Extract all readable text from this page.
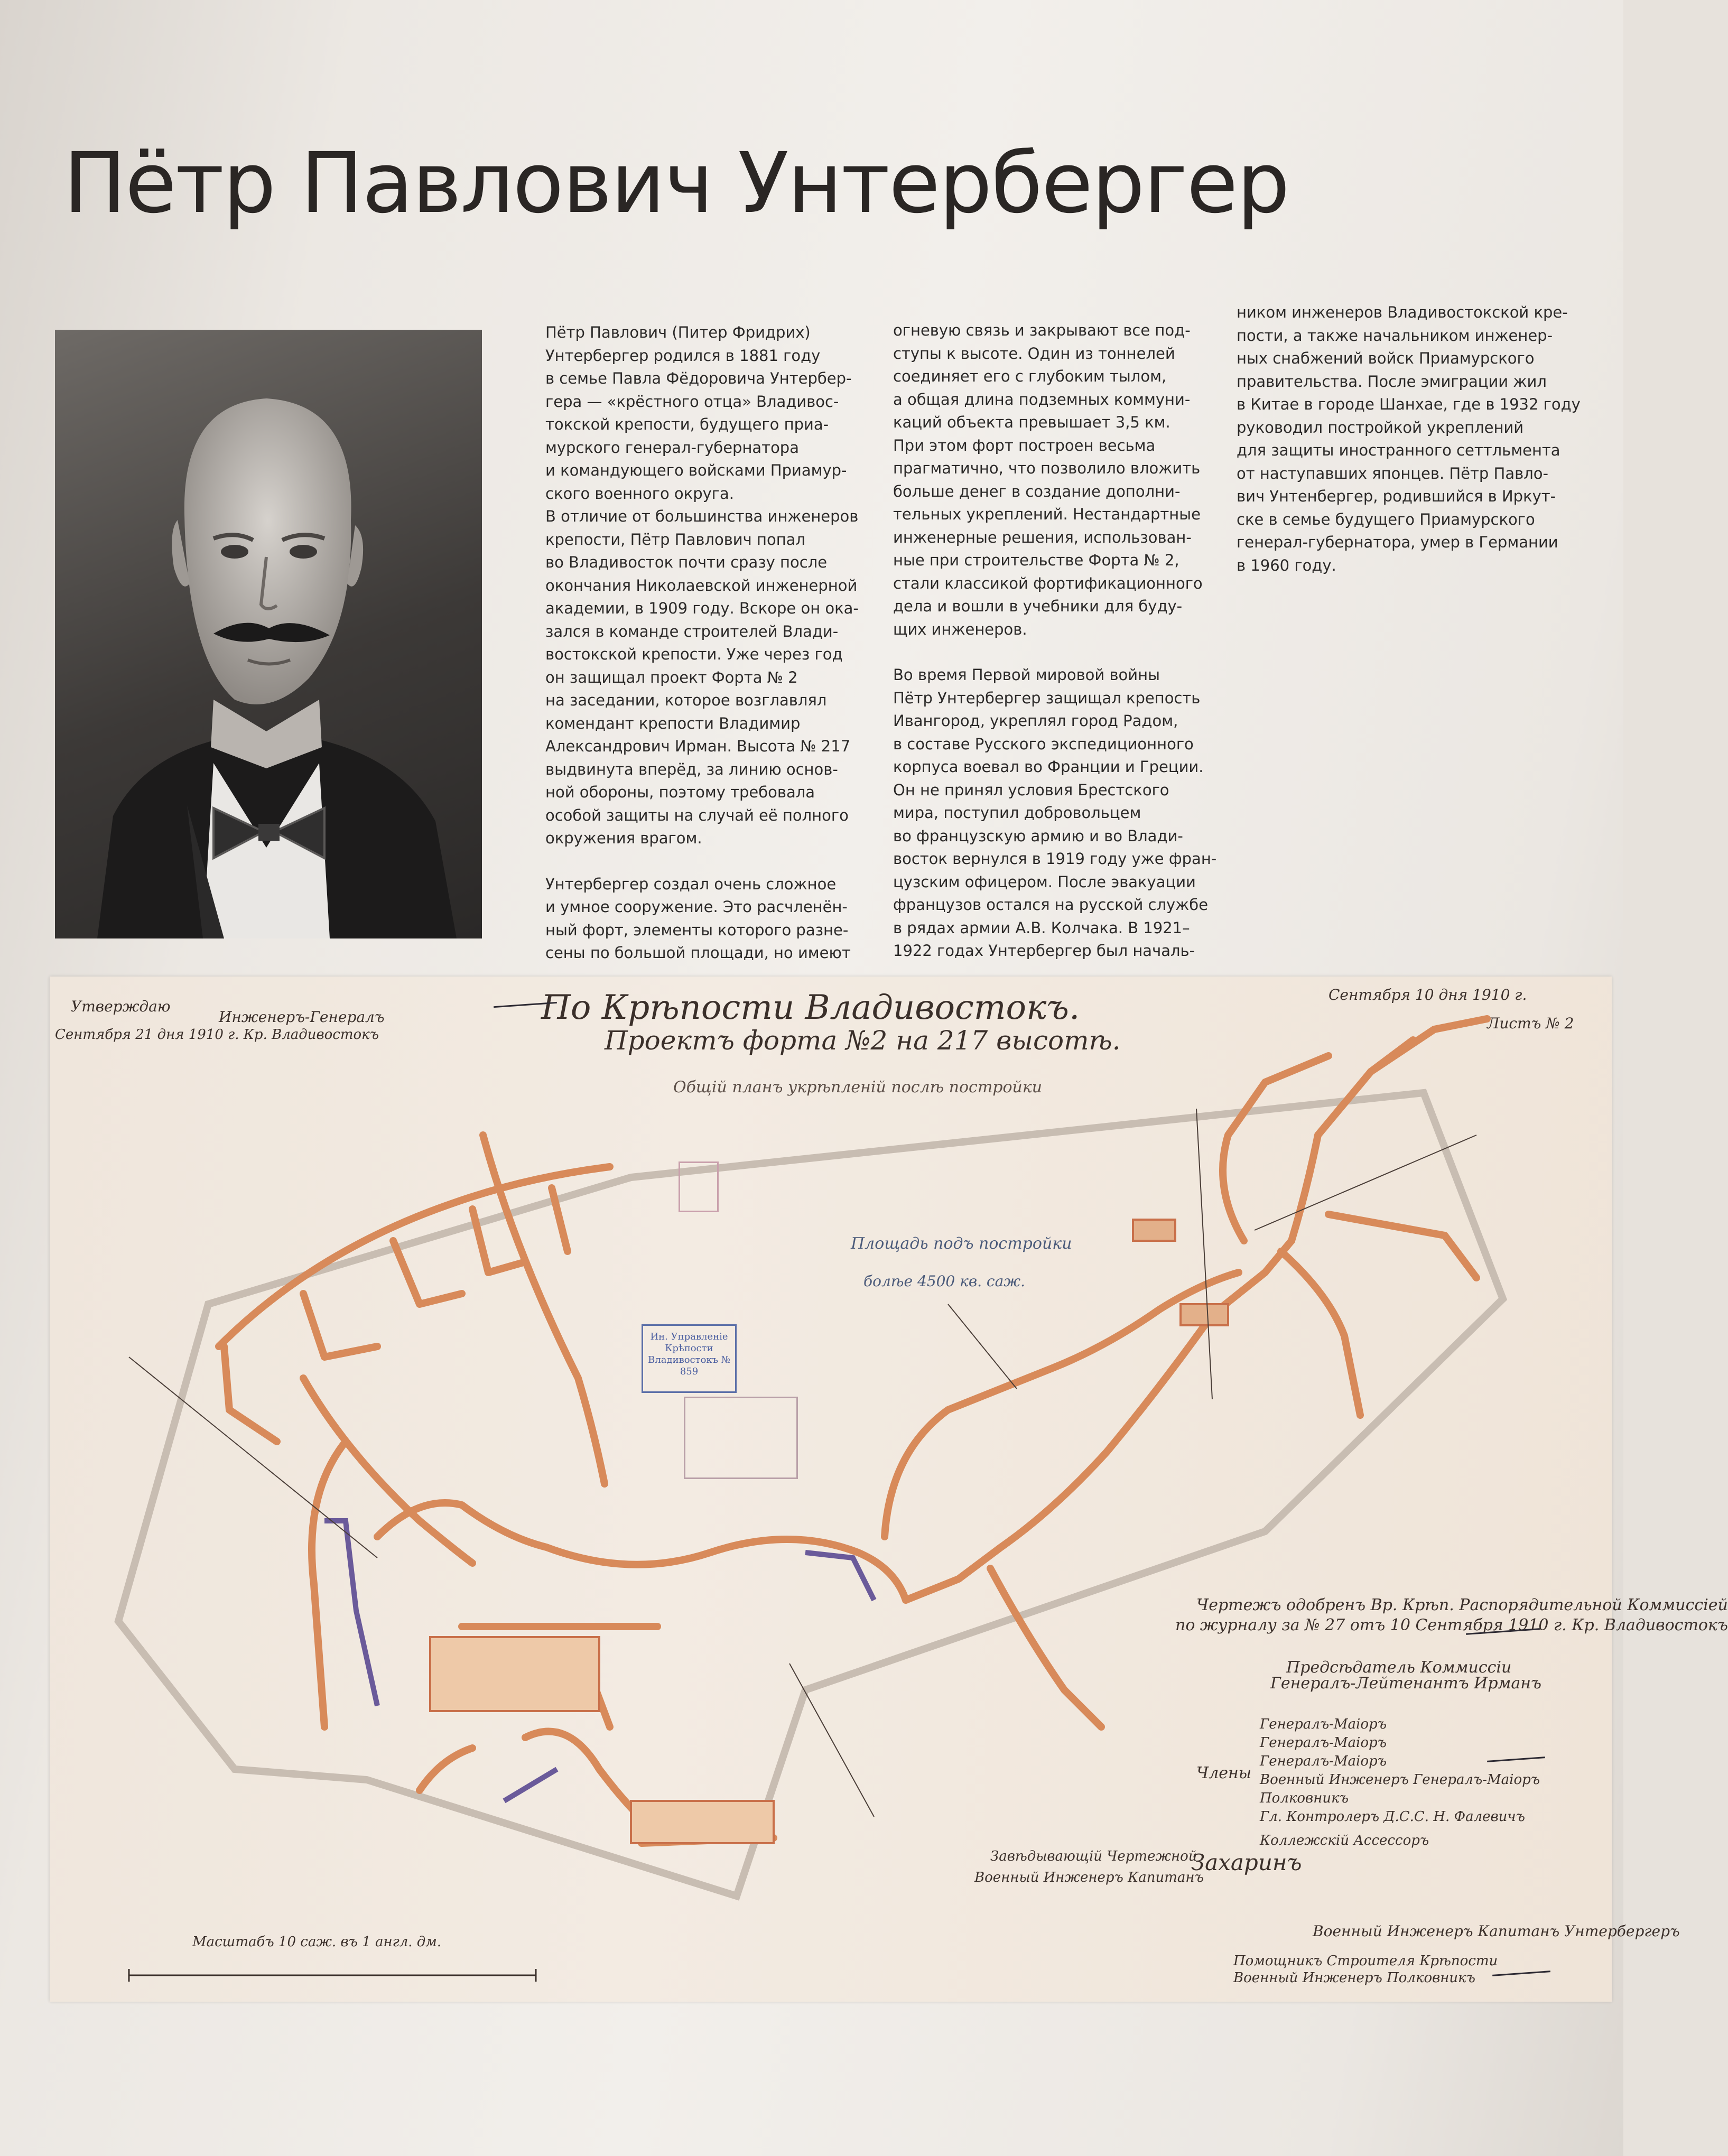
Пётр Павлович Унтербергер

Пётр Павлович (Питер Фридрих)

Унтербергер родился в 1881 году

в семье Павла Фёдоровича Унтербер-

гера — «крёстного отца» Владивос-

токской крепости, будущего приа-

мурского генерал-губернатора

и командующего войсками Приамур-

ского военного округа.

В отличие от большинства инженеров

крепости, Пётр Павлович попал

во Владивосток почти сразу после

окончания Николаевской инженерной

академии, в 1909 году. Вскоре он ока-

зался в команде строителей Влади-

востокской крепости. Уже через год

он защищал проект Форта № 2

на заседании, которое возглавлял

комендант крепости Владимир

Александрович Ирман. Высота № 217

выдвинута вперёд, за линию основ-

ной обороны, поэтому требовала

особой защиты на случай её полного

окружения врагом.

Унтербергер создал очень сложное

и умное сооружение. Это расчленён-

ный форт, элементы которого разне-

сены по большой площади, но имеют

огневую связь и закрывают все под-

ступы к высоте. Один из тоннелей

соединяет его с глубоким тылом,

а общая длина подземных коммуни-

каций объекта превышает 3,5 км.

При этом форт построен весьма

прагматично, что позволило вложить

больше денег в создание дополни-

тельных укреплений. Нестандартные

инженерные решения, использован-

ные при строительстве Форта № 2,

стали классикой фортификационного

дела и вошли в учебники для буду-

щих инженеров.

Во время Первой мировой войны

Пётр Унтербергер защищал крепость

Ивангород, укреплял город Радом,

в составе Русского экспедиционного

корпуса воевал во Франции и Греции.

Он не принял условия Брестского

мира, поступил добровольцем

во французскую армию и во Влади-

восток вернулся в 1919 году уже фран-

цузским офицером. После эвакуации

французов остался на русской службе

в рядах армии А.В. Колчака. В 1921–

1922 годах Унтербергер был началь-

ником инженеров Владивостокской кре-

пости, а также начальником инженер-

ных снабжений войск Приамурского

правительства. После эмиграции жил

в Китае в городе Шанхае, где в 1932 году

руководил постройкой укреплений

для защиты иностранного сеттльмента

от наступавших японцев. Пётр Павло-

вич Унтенбергер, родившийся в Иркут-

ске в семье будущего Приамурского

генерал-губернатора, умер в Германии

в 1960 году.

По Крѣпости Владивостокъ.
Проектъ форта №2 на 217 высотѣ.
Общій планъ укрѣпленій послѣ постройки
Утверждаю
Инженеръ-Генералъ
Сентября 21 дня 1910 г. Кр. Владивостокъ
Сентября 10 дня 1910 г.
Листъ № 2
Площадь подъ постройки
болѣе 4500 кв. саж.
Ин. Управленіе Крѣпости Владивостокъ № 859
Чертежъ одобренъ Вр. Крѣп. Распорядительной Коммиссіей
по журналу за № 27 отъ 10 Сентября 1910 г. Кр. Владивостокъ
Предсѣдатель Коммиссіи
Генералъ-Лейтенантъ Ирманъ
Члены
Генералъ-Маіоръ
Генералъ-Маіоръ
Генералъ-Маіоръ
Военный Инженеръ Генералъ-Маіоръ
Полковникъ
Гл. Контролеръ Д.С.С. Н. Фалевичъ
Коллежскій Ассессоръ
Завѣдывающій Чертежной
Военный Инженеръ Капитанъ
Захаринъ
Военный Инженеръ Капитанъ Унтербергеръ
Помощникъ Строителя Крѣпости
Военный Инженеръ Полковникъ
Масштабъ 10 саж. въ 1 англ. дм.
